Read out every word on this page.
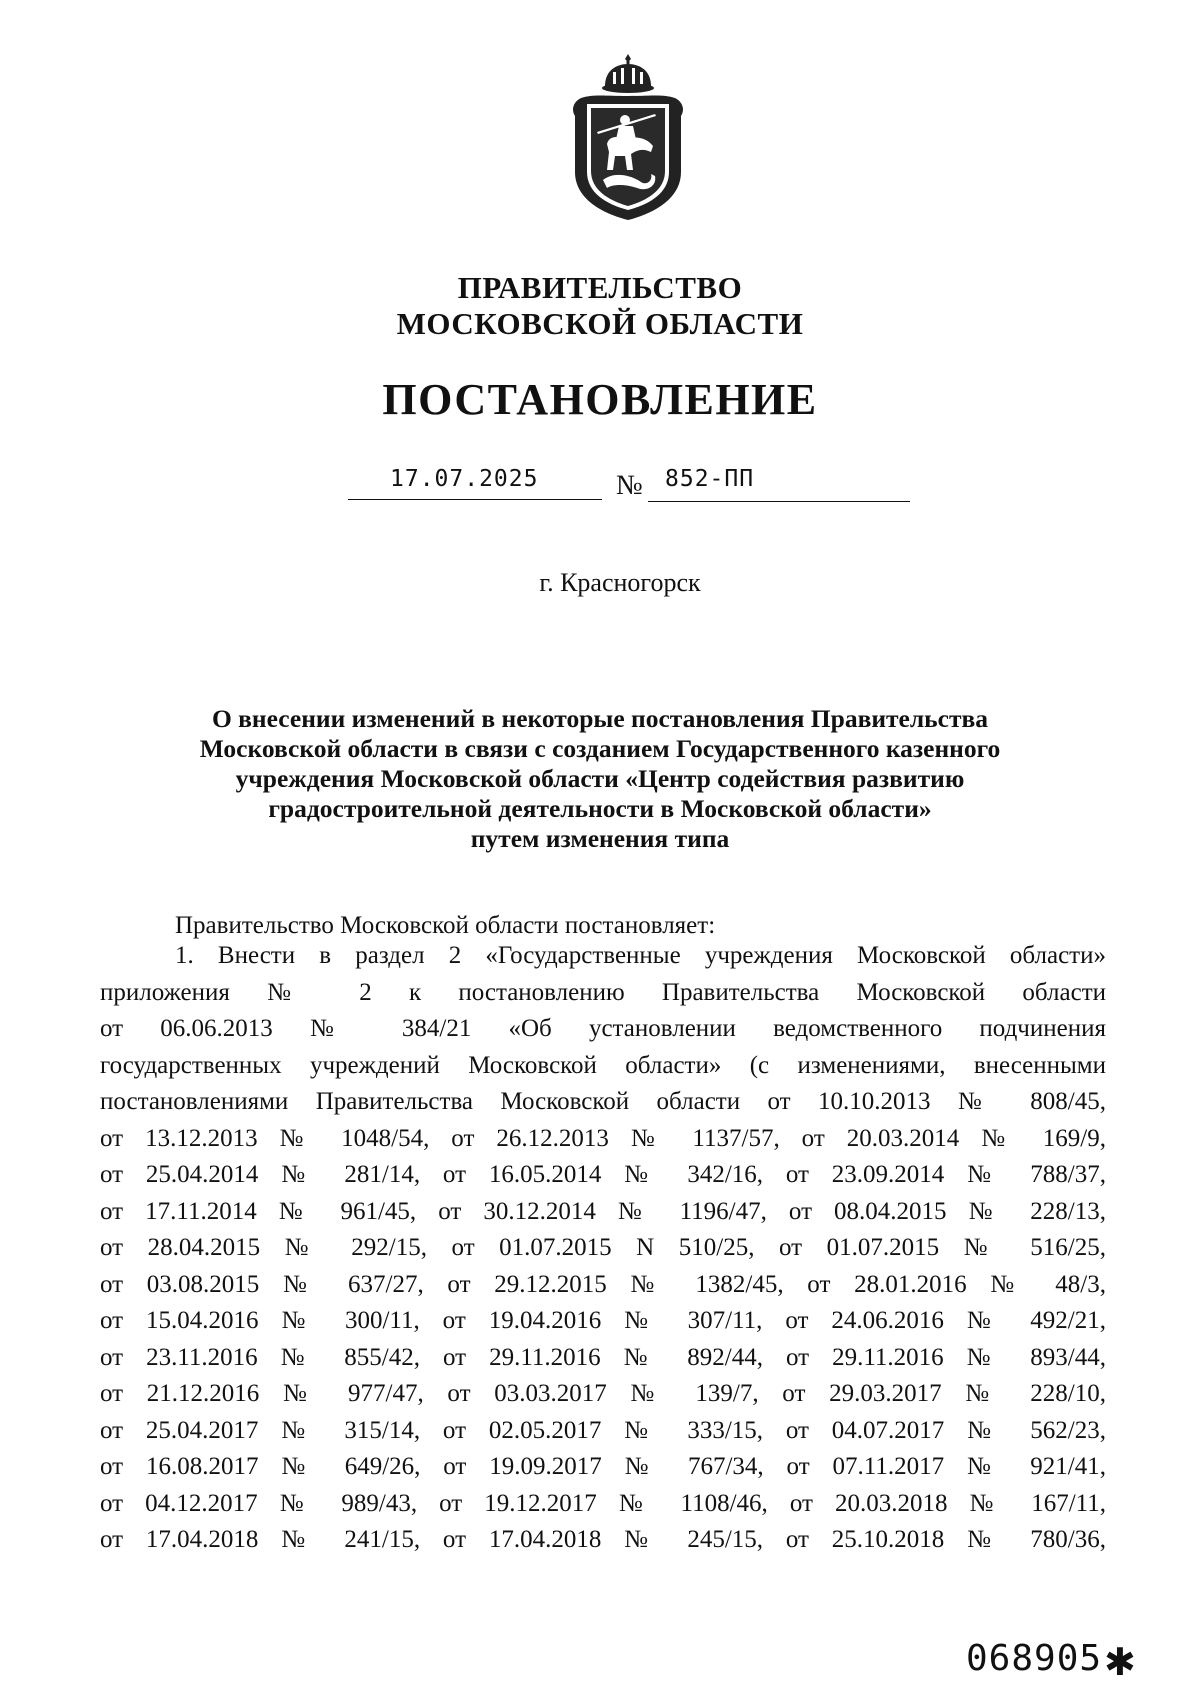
ПРАВИТЕЛЬСТВО
МОСКОВСКОЙ ОБЛАСТИ
ПОСТАНОВЛЕНИЕ
17.07.2025	№ 852-ПП
г. Красногорск
О внесении изменений в некоторые постановления Правительства
Московской области в связи с созданием Государственного казенного
учреждения Московской области «Центр содействия развитию
градостроительной деятельности в Московской области»
путем изменения типа
Правительство Московской области постановляет:
1. Внести в раздел 2 «Государственные учреждения Московской области»
приложения № 2 к постановлению Правительства Московской области
от 06.06.2013 № 384/21 «Об установлении ведомственного подчинения
государственных учреждений Московской области» (с изменениями, внесенными
постановлениями Правительства Московской области от 10.10.2013 № 808/45,
от 13.12.2013 № 1048/54, от 26.12.2013 № 1137/57, от 20.03.2014 № 169/9,
от 25.04.2014 № 281/14, от 16.05.2014 № 342/16, от 23.09.2014 № 788/37,
от 17.11.2014 № 961/45, от 30.12.2014 № 1196/47, от 08.04.2015 № 228/13,
от 28.04.2015 № 292/15, от 01.07.2015 N 510/25, от 01.07.2015 № 516/25,
от 03.08.2015 № 637/27, от 29.12.2015 № 1382/45, от 28.01.2016 № 48/3,
от 15.04.2016 № 300/11, от 19.04.2016 № 307/11, от 24.06.2016 № 492/21,
от 23.11.2016 № 855/42, от 29.11.2016 № 892/44, от 29.11.2016 № 893/44,
от 21.12.2016 № 977/47, от 03.03.2017 № 139/7, от 29.03.2017 № 228/10,
от 25.04.2017 № 315/14, от 02.05.2017 № 333/15, от 04.07.2017 № 562/23,
от 16.08.2017 № 649/26, от 19.09.2017 № 767/34, от 07.11.2017 № 921/41,
от 04.12.2017 № 989/43, от 19.12.2017 № 1108/46, от 20.03.2018 № 167/11,
от 17.04.2018 № 241/15, от 17.04.2018 № 245/15, от 25.10.2018 № 780/36,
068905 ✱
